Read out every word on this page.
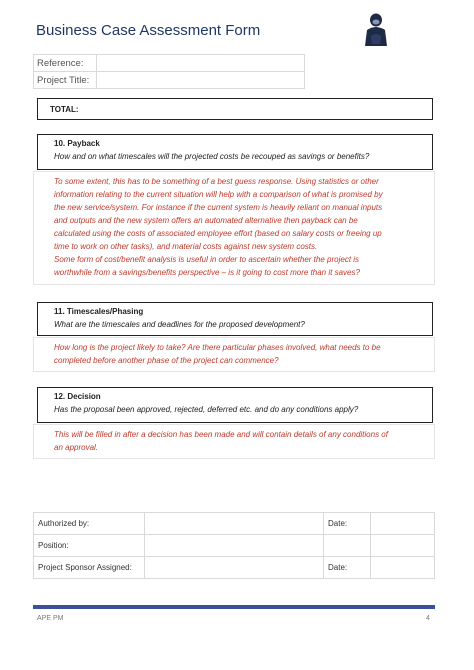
Business Case Assessment Form
Reference:	
Project Title:	
TOTAL:
10. Payback
How and on what timescales will the projected costs be recouped as savings or benefits?
To some extent, this has to be something of a best guess response. Using statistics or other
information relating to the current situation will help with a comparison of what is promised by
the new service/system. For instance if the current system is heavily reliant on manual inputs
and outputs and the new system offers an automated alternative then payback can be
calculated using the costs of associated employee effort (based on salary costs or freeing up
time to work on other tasks), and material costs against new system costs.
Some form of cost/benefit analysis is useful in order to ascertain whether the project is
worthwhile from a savings/benefits perspective – is it going to cost more than it saves?
11. Timescales/Phasing
What are the timescales and deadlines for the proposed development?
How long is the project likely to take? Are there particular phases involved, what needs to be
completed before another phase of the project can commence?
12. Decision
Has the proposal been approved, rejected, deferred etc. and do any conditions apply?
This will be filled in after a decision has been made and will contain details of any conditions of
an approval.
Authorized by:		Date:	
Position:			
Project Sponsor Assigned:		Date:	
APE PM	4
